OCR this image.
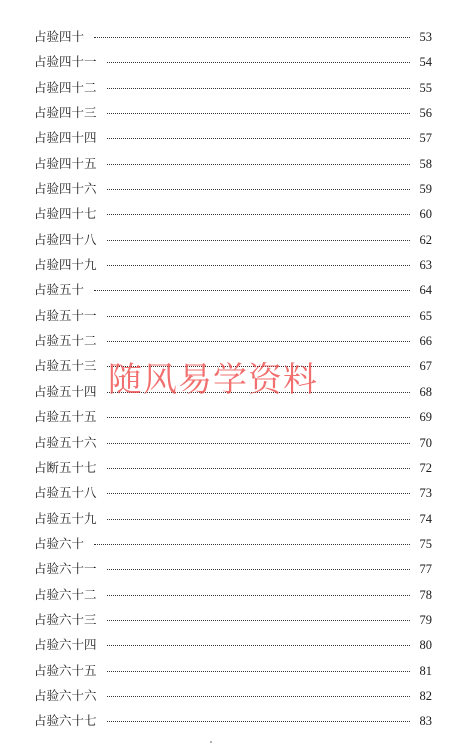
占验四十	53
占验四十一	54
占验四十二	55
占验四十三	56
占验四十四	57
占验四十五	58
占验四十六	59
占验四十七	60
占验四十八	62
占验四十九	63
占验五十	64
占验五十一	65
占验五十二	66
占验五十三	67
占验五十四	68
占验五十五	69
占验五十六	70
占断五十七	72
占验五十八	73
占验五十九	74
占验六十	75
占验六十一	77
占验六十二	78
占验六十三	79
占验六十四	80
占验六十五	81
占验六十六	82
占验六十七	83
随风易学资料
